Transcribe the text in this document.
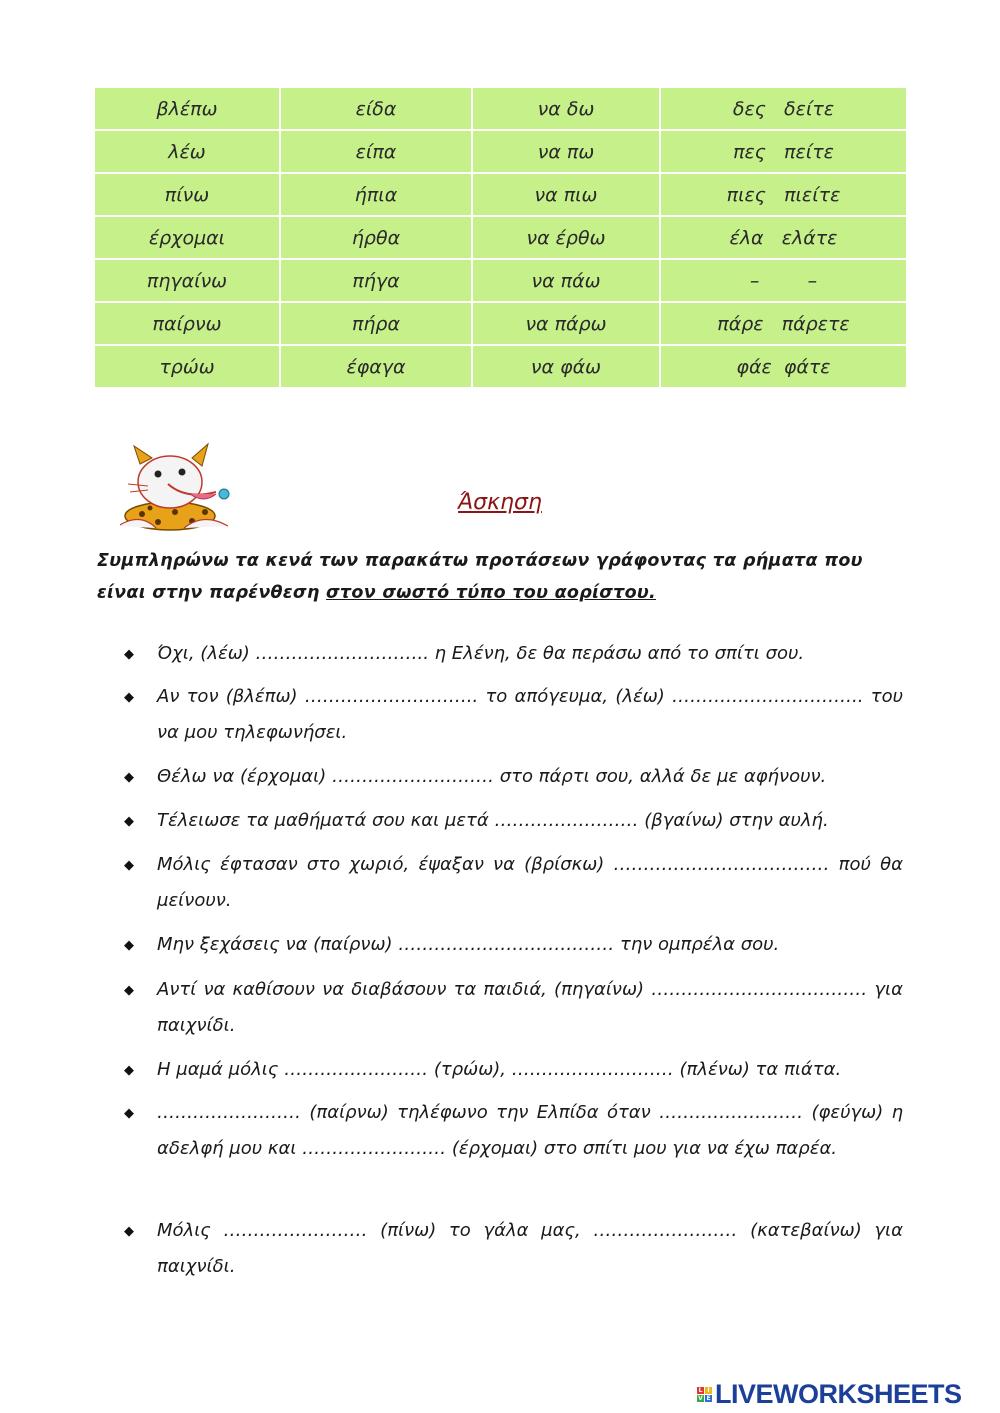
βλέπω	είδα	να δω	δες   δείτε
λέω	είπα	να πω	πες   πείτε
πίνω	ήπια	να πιω	πιες   πιείτε
έρχομαι	ήρθα	να έρθω	έλα   ελάτε
πηγαίνω	πήγα	να πάω	–        –
παίρνω	πήρα	να πάρω	πάρε   πάρετε
τρώω	έφαγα	να φάω	φάε  φάτε
Άσκηση
Συμπληρώνω τα κενά των παρακάτω προτάσεων γράφοντας τα ρήματα που είναι στην παρένθεση στον σωστό τύπο του αορίστου.
◆ Όχι, (λέω) ……………………….. η Ελένη, δε θα περάσω από το σπίτι σου.
◆ Αν τον (βλέπω) ……………………….. το απόγευμα, (λέω) ………………………….. του να μου τηλεφωνήσει.
◆ Θέλω να (έρχομαι) ……………………… στο πάρτι σου, αλλά δε με αφήνουν.
◆ Τέλειωσε τα μαθήματά σου και μετά …………………… (βγαίνω) στην αυλή.
◆ Μόλις έφτασαν στο χωριό, έψαξαν να (βρίσκω) ……………………………… πού θα μείνουν.
◆ Μην ξεχάσεις να (παίρνω) ……………………………… την ομπρέλα σου.
◆ Αντί να καθίσουν να διαβάσουν τα παιδιά, (πηγαίνω) ……………………………… για παιχνίδι.
◆ Η μαμά μόλις …………………… (τρώω), ……………………… (πλένω) τα πιάτα.
◆ …………………… (παίρνω) τηλέφωνο την Ελπίδα όταν …………………… (φεύγω) η αδελφή μου και …………………… (έρχομαι) στο σπίτι μου για να έχω παρέα.
◆ Μόλις …………………… (πίνω) το γάλα μας, …………………… (κατεβαίνω) για παιχνίδι.
L I
V E LIVEWORKSHEETS
